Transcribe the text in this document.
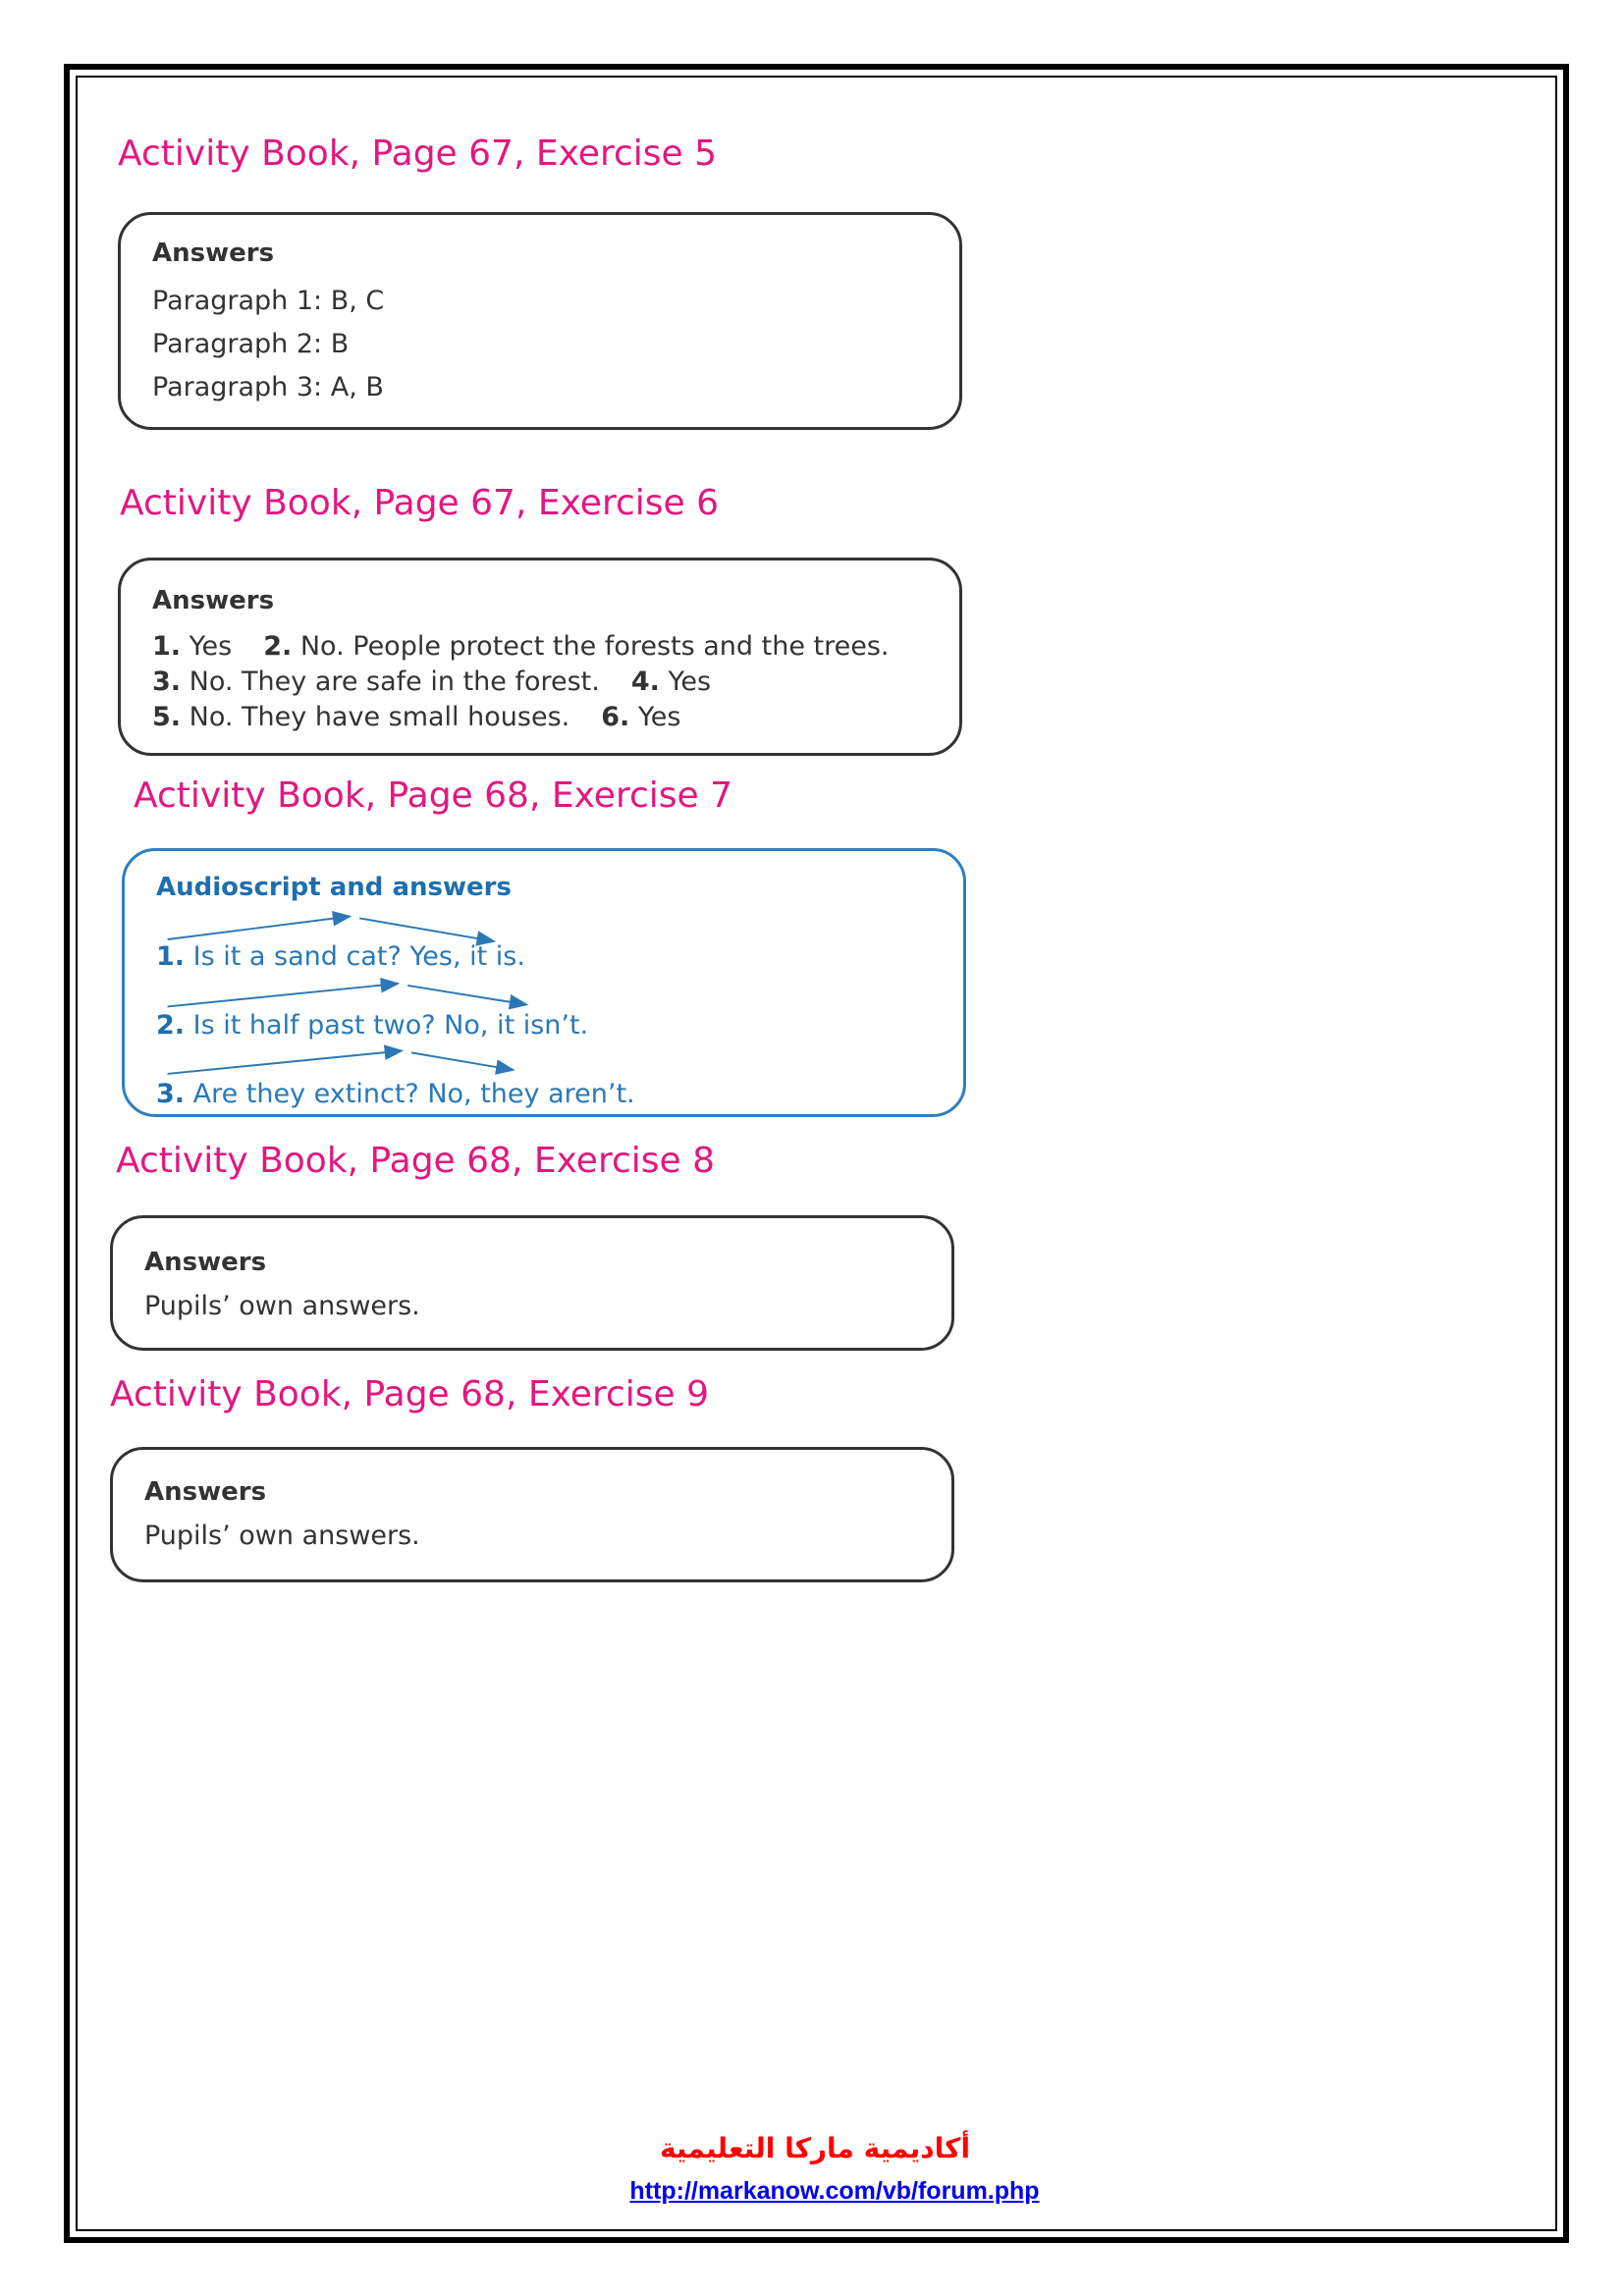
Activity Book, Page 67, Exercise 5
Answers
Paragraph 1: B, C
Paragraph 2: B
Paragraph 3: A, B
Activity Book, Page 67, Exercise 6
Answers
1. Yes 2. No. People protect the forests and the trees.
3. No. They are safe in the forest. 4. Yes
5. No. They have small houses. 6. Yes
Activity Book, Page 68, Exercise 7
Audioscript and answers
1. Is it a sand cat? Yes, it is.
2. Is it half past two? No, it isn’t.
3. Are they extinct? No, they aren’t.
Activity Book, Page 68, Exercise 8
Answers
Pupils’ own answers.
Activity Book, Page 68, Exercise 9
Answers
Pupils’ own answers.
أكاديمية ماركا التعليمية
http://markanow.com/vb/forum.php
